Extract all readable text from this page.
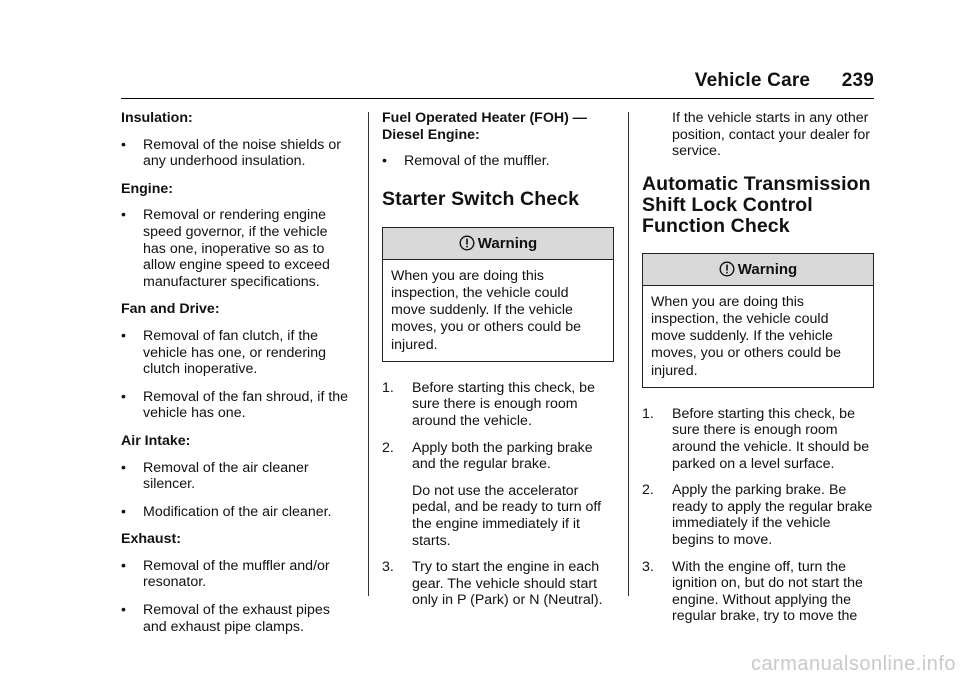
Vehicle Care 239
Insulation:
• Removal of the noise shields or any underhood insulation.
Engine:
• Removal or rendering engine speed governor, if the vehicle has one, inoperative so as to allow engine speed to exceed manufacturer specifications.
Fan and Drive:
• Removal of fan clutch, if the vehicle has one, or rendering clutch inoperative.
• Removal of the fan shroud, if the vehicle has one.
Air Intake:
• Removal of the air cleaner silencer.
• Modification of the air cleaner.
Exhaust:
• Removal of the muffler and/or resonator.
• Removal of the exhaust pipes and exhaust pipe clamps.
Fuel Operated Heater (FOH) — Diesel Engine:
• Removal of the muffler.
Starter Switch Check
Warning
When you are doing this inspection, the vehicle could move suddenly. If the vehicle moves, you or others could be injured.
1.	Before starting this check, be sure there is enough room around the vehicle.
2.	Apply both the parking brake and the regular brake.
Do not use the accelerator pedal, and be ready to turn off the engine immediately if it starts.
3.	Try to start the engine in each gear. The vehicle should start only in P (Park) or N (Neutral).
If the vehicle starts in any other position, contact your dealer for service.
Automatic Transmission
Shift Lock Control
Function Check
Warning
When you are doing this inspection, the vehicle could move suddenly. If the vehicle moves, you or others could be injured.
1.	Before starting this check, be sure there is enough room around the vehicle. It should be parked on a level surface.
2.	Apply the parking brake. Be ready to apply the regular brake immediately if the vehicle begins to move.
3.	With the engine off, turn the ignition on, but do not start the engine. Without applying the regular brake, try to move the
carmanualsonline.info
